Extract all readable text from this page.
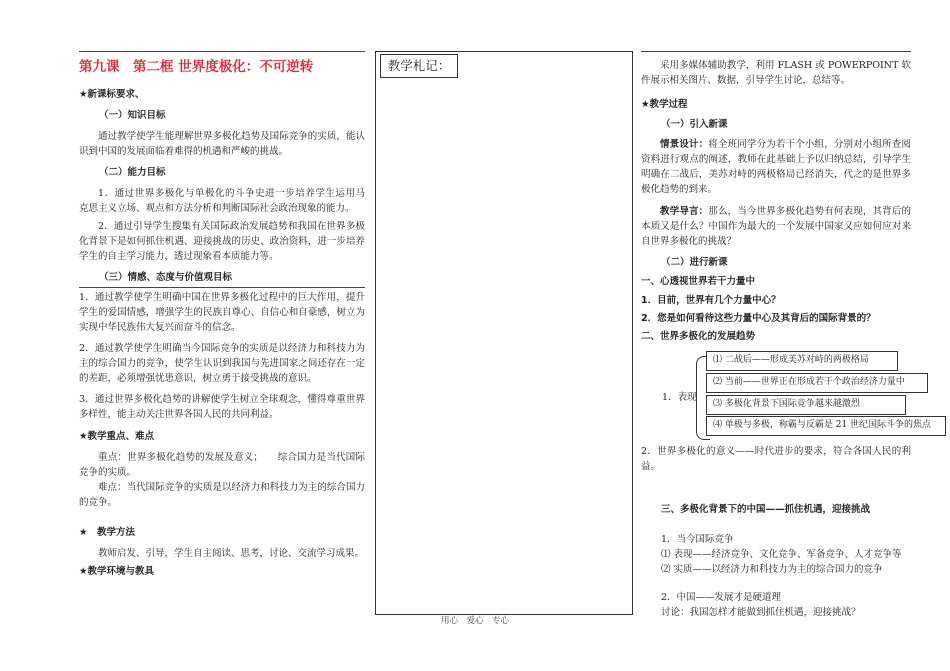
第九课　第二框 世界度极化：不可逆转
★新课标要求、
（一）知识目标
通过教学使学生能理解世界多极化趋势及国际竞争的实质，能认识到中国的发展面临着难得的机遇和严峻的挑战。
（二）能力目标
1．通过世界多极化与单极化的斗争史进一步培养学生运用马　克思主义立场、观点和方法分析和判断国际社会政治现象的能力。
2．通过引导学生搜集有关国际政治发展趋势和我国在世界多极化背景下是如何抓住机遇、迎接挑战的历史、政治资料，进一步培养学生的自主学习能力，透过现象看本质能力等。
（三）情感、态度与价值观目标
1．通过教学使学生明确中国在世界多极化过程中的巨大作用，提升学生的爱国情感，增强学生的民族自尊心、自信心和自豪感，树立为实现中华民族伟大复兴而奋斗的信念。
2．通过教学使学生明确当今国际竞争的实质是以经济力和科技力为主的综合国力的竞争，使学生认识到我国与先进国家之间还存在一定的差距，必须增强忧患意识，树立勇于接受挑战的意识。
3．通过世界多极化趋势的讲解使学生树立全球观念，懂得尊重世界多样性，能主动关注世界各国人民的共同利益。
★教学重点、难点
重点：世界多极化趋势的发展及意义；　　综合国力是当代国际竞争的实质。
难点：当代国际竞争的实质是以经济力和科技力为主的综合国力的竞争。
★　教学方法
教师启发、引导，学生自主阅读、思考，讨论、交流学习成果。
★教学环境与教具
教学札记：	采用多媒体辅助教学，利用 FLASH 或 POWERPOINT 软件展示相关图片、数据，引导学生讨论，总结等。
★教学过程
（一）引入新课
情景设计：将全班同学分为若干个小组，分别对小组所查阅资料进行观点的阐述，教师在此基础上予以归纳总结，引导学生明确在二战后，美苏对峙的两极格局已经消失，代之的是世界多极化趋势的到来。
教学导言：那么，当今世界多极化趋势有何表现，其背后的本质又是什么？中国作为最大的一个发展中国家又应如何应对来自世界多极化的挑战？
（二）进行新课
一、心透视世界若干力量中
1．目前，世界有几个力量中心？
2．您是如何看待这些力量中心及其背后的国际背景的？
二、世界多极化的发展趋势
1．表现
⑴ 二战后——形成美苏对峙的两极格局
⑵ 当前——世界正在形成若干个政治经济力量中
⑶ 多极化背景下国际竞争越来越激烈
⑷ 单极与多极，称霸与反霸是 21 世纪国际斗争的焦点
2．世界多极化的意义——时代进步的要求，符合各国人民的利益。
三、多极化背景下的中国——抓住机遇，迎接挑战
1．当今国际竞争
⑴ 表现——经济竞争、文化竞争、军备竞争、人才竞争等
⑵ 实质——以经济力和科技力为主的综合国力的竞争
2．中国——发展才是硬道理
讨论：我国怎样才能做到抓住机遇，迎接挑战？
用心　爱心　专心
